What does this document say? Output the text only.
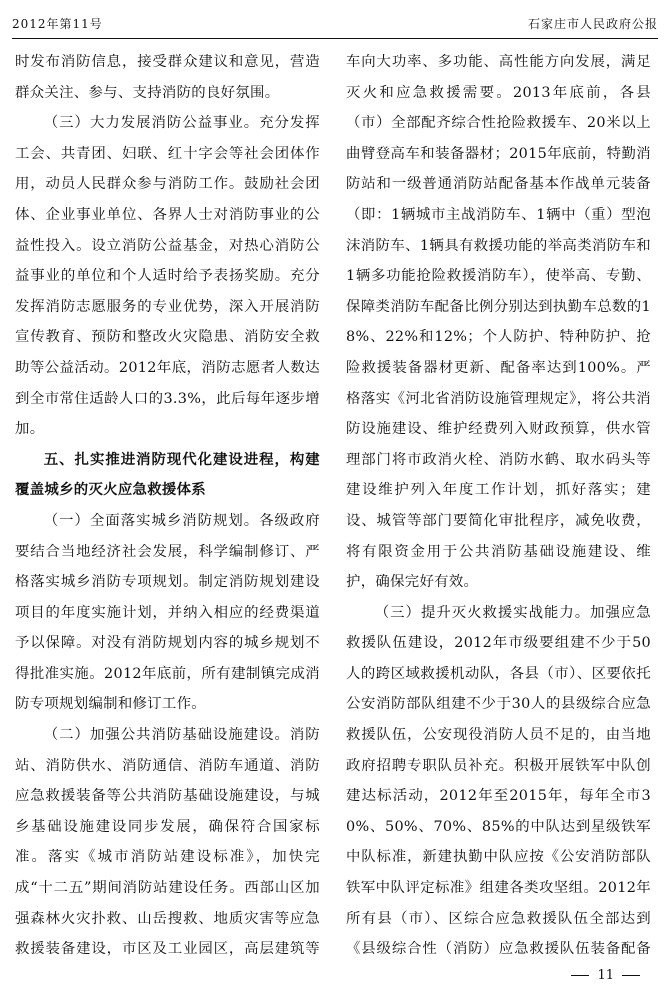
2012年第11号	石家庄市人民政府公报

时发布消防信息，接受群众建议和意见，营造群众关注、参与、支持消防的良好氛围。

（三）大力发展消防公益事业。充分发挥工会、共青团、妇联、红十字会等社会团体作用，动员人民群众参与消防工作。鼓励社会团体、企业事业单位、各界人士对消防事业的公益性投入。设立消防公益基金，对热心消防公益事业的单位和个人适时给予表扬奖励。充分发挥消防志愿服务的专业优势，深入开展消防宣传教育、预防和整改火灾隐患、消防安全救助等公益活动。2012年底，消防志愿者人数达到全市常住适龄人口的3.3%，此后每年逐步增加。

五、扎实推进消防现代化建设进程，构建覆盖城乡的灭火应急救援体系

（一）全面落实城乡消防规划。各级政府要结合当地经济社会发展，科学编制修订、严格落实城乡消防专项规划。制定消防规划建设项目的年度实施计划，并纳入相应的经费渠道予以保障。对没有消防规划内容的城乡规划不得批准实施。2012年底前，所有建制镇完成消防专项规划编制和修订工作。

（二）加强公共消防基础设施建设。消防站、消防供水、消防通信、消防车通道、消防应急救援装备等公共消防基础设施建设，与城乡基础设施建设同步发展，确保符合国家标准。落实《城市消防站建设标准》，加快完成“十二五”期间消防站建设任务。西部山区加强森林火灾扑救、山岳搜救、地质灾害等应急救援装备建设，市区及工业园区，高层建筑等

车向大功率、多功能、高性能方向发展，满足灭火和应急救援需要。2013年底前，各县（市）全部配齐综合性抢险救援车、20米以上曲臂登高车和装备器材；2015年底前，特勤消防站和一级普通消防站配备基本作战单元装备（即：1辆城市主战消防车、1辆中（重）型泡沫消防车、1辆具有救援功能的举高类消防车和1辆多功能抢险救援消防车），使举高、专勤、保障类消防车配备比例分别达到执勤车总数的18%、22%和12%；个人防护、特种防护、抢险救援装备器材更新、配备率达到100%。严格落实《河北省消防设施管理规定》，将公共消防设施建设、维护经费列入财政预算，供水管理部门将市政消火栓、消防水鹤、取水码头等建设维护列入年度工作计划，抓好落实；建设、城管等部门要简化审批程序，减免收费，将有限资金用于公共消防基础设施建设、维护，确保完好有效。

（三）提升灭火救援实战能力。加强应急救援队伍建设，2012年市级要组建不少于50人的跨区域救援机动队，各县（市）、区要依托公安消防部队组建不少于30人的县级综合应急救援队伍，公安现役消防人员不足的，由当地政府招聘专职队员补充。积极开展铁军中队创建达标活动，2012年至2015年，每年全市30%、50%、70%、85%的中队达到星级铁军中队标准，新建执勤中队应按《公安消防部队铁军中队评定标准》组建各类攻坚组。2012年所有县（市）、区综合应急救援队伍全部达到《县级综合性（消防）应急救援队伍装备配备

11
